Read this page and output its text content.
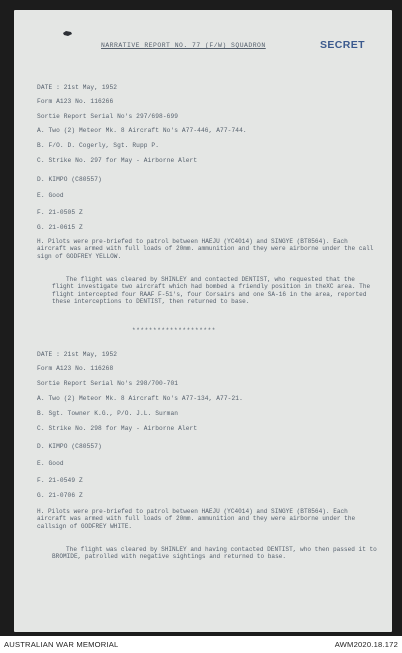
NARRATIVE REPORT NO. 77 (F/W) SQUADRON	SECRET
DATE : 21st May, 1952
Form A123 No. 116266
Sortie Report Serial No's 297/698-699
A. Two (2) Meteor Mk. 8 Aircraft No's A77-446, A77-744.
B. F/O. D. Cogerly, Sgt. Rupp P.
C. Strike No. 297 for May - Airborne Alert
D. KIMPO (C80557)
E. Good
F. 21-0505 Z
G. 21-0615 Z
H. Pilots were pre-briefed to patrol between HAEJU (YC4014) and SINGYE (BT8564). Each aircraft was armed with full loads of 20mm. ammunition and they were airborne under the call sign of GODFREY YELLOW.
The flight was cleared by SHINLEY and contacted DENTIST, who requested that the flight investigate two aircraft which had bombed a friendly position in theXC area. The flight intercepted four RAAF F-51's, four Corsairs and one SA-16 in the area, reported these interceptions to DENTIST, then returned to base.
********************
DATE : 21st May, 1952
Form A123 No. 116268
Sortie Report Serial No's 298/700-701
A. Two (2) Meteor Mk. 8 Aircraft No's A77-134, A77-21.
B. Sgt. Towner K.G., P/O. J.L. Surman
C. Strike No. 298 for May - Airborne Alert
D. KIMPO (C80557)
E. Good
F. 21-0549 Z
G. 21-0706 Z
H. Pilots were pre-briefed to patrol between HAEJU (YC4014) and SINGYE (BT8564). Each aircraft was armed with full loads of 20mm. ammunition and they were airborne under the callsign of GODFREY WHITE.
The flight was cleared by SHINLEY and having contacted DENTIST, who then passed it to BROMIDE, patrolled with negative sightings and returned to base.
AUSTRALIAN WAR MEMORIAL	AWM2020.18.172
